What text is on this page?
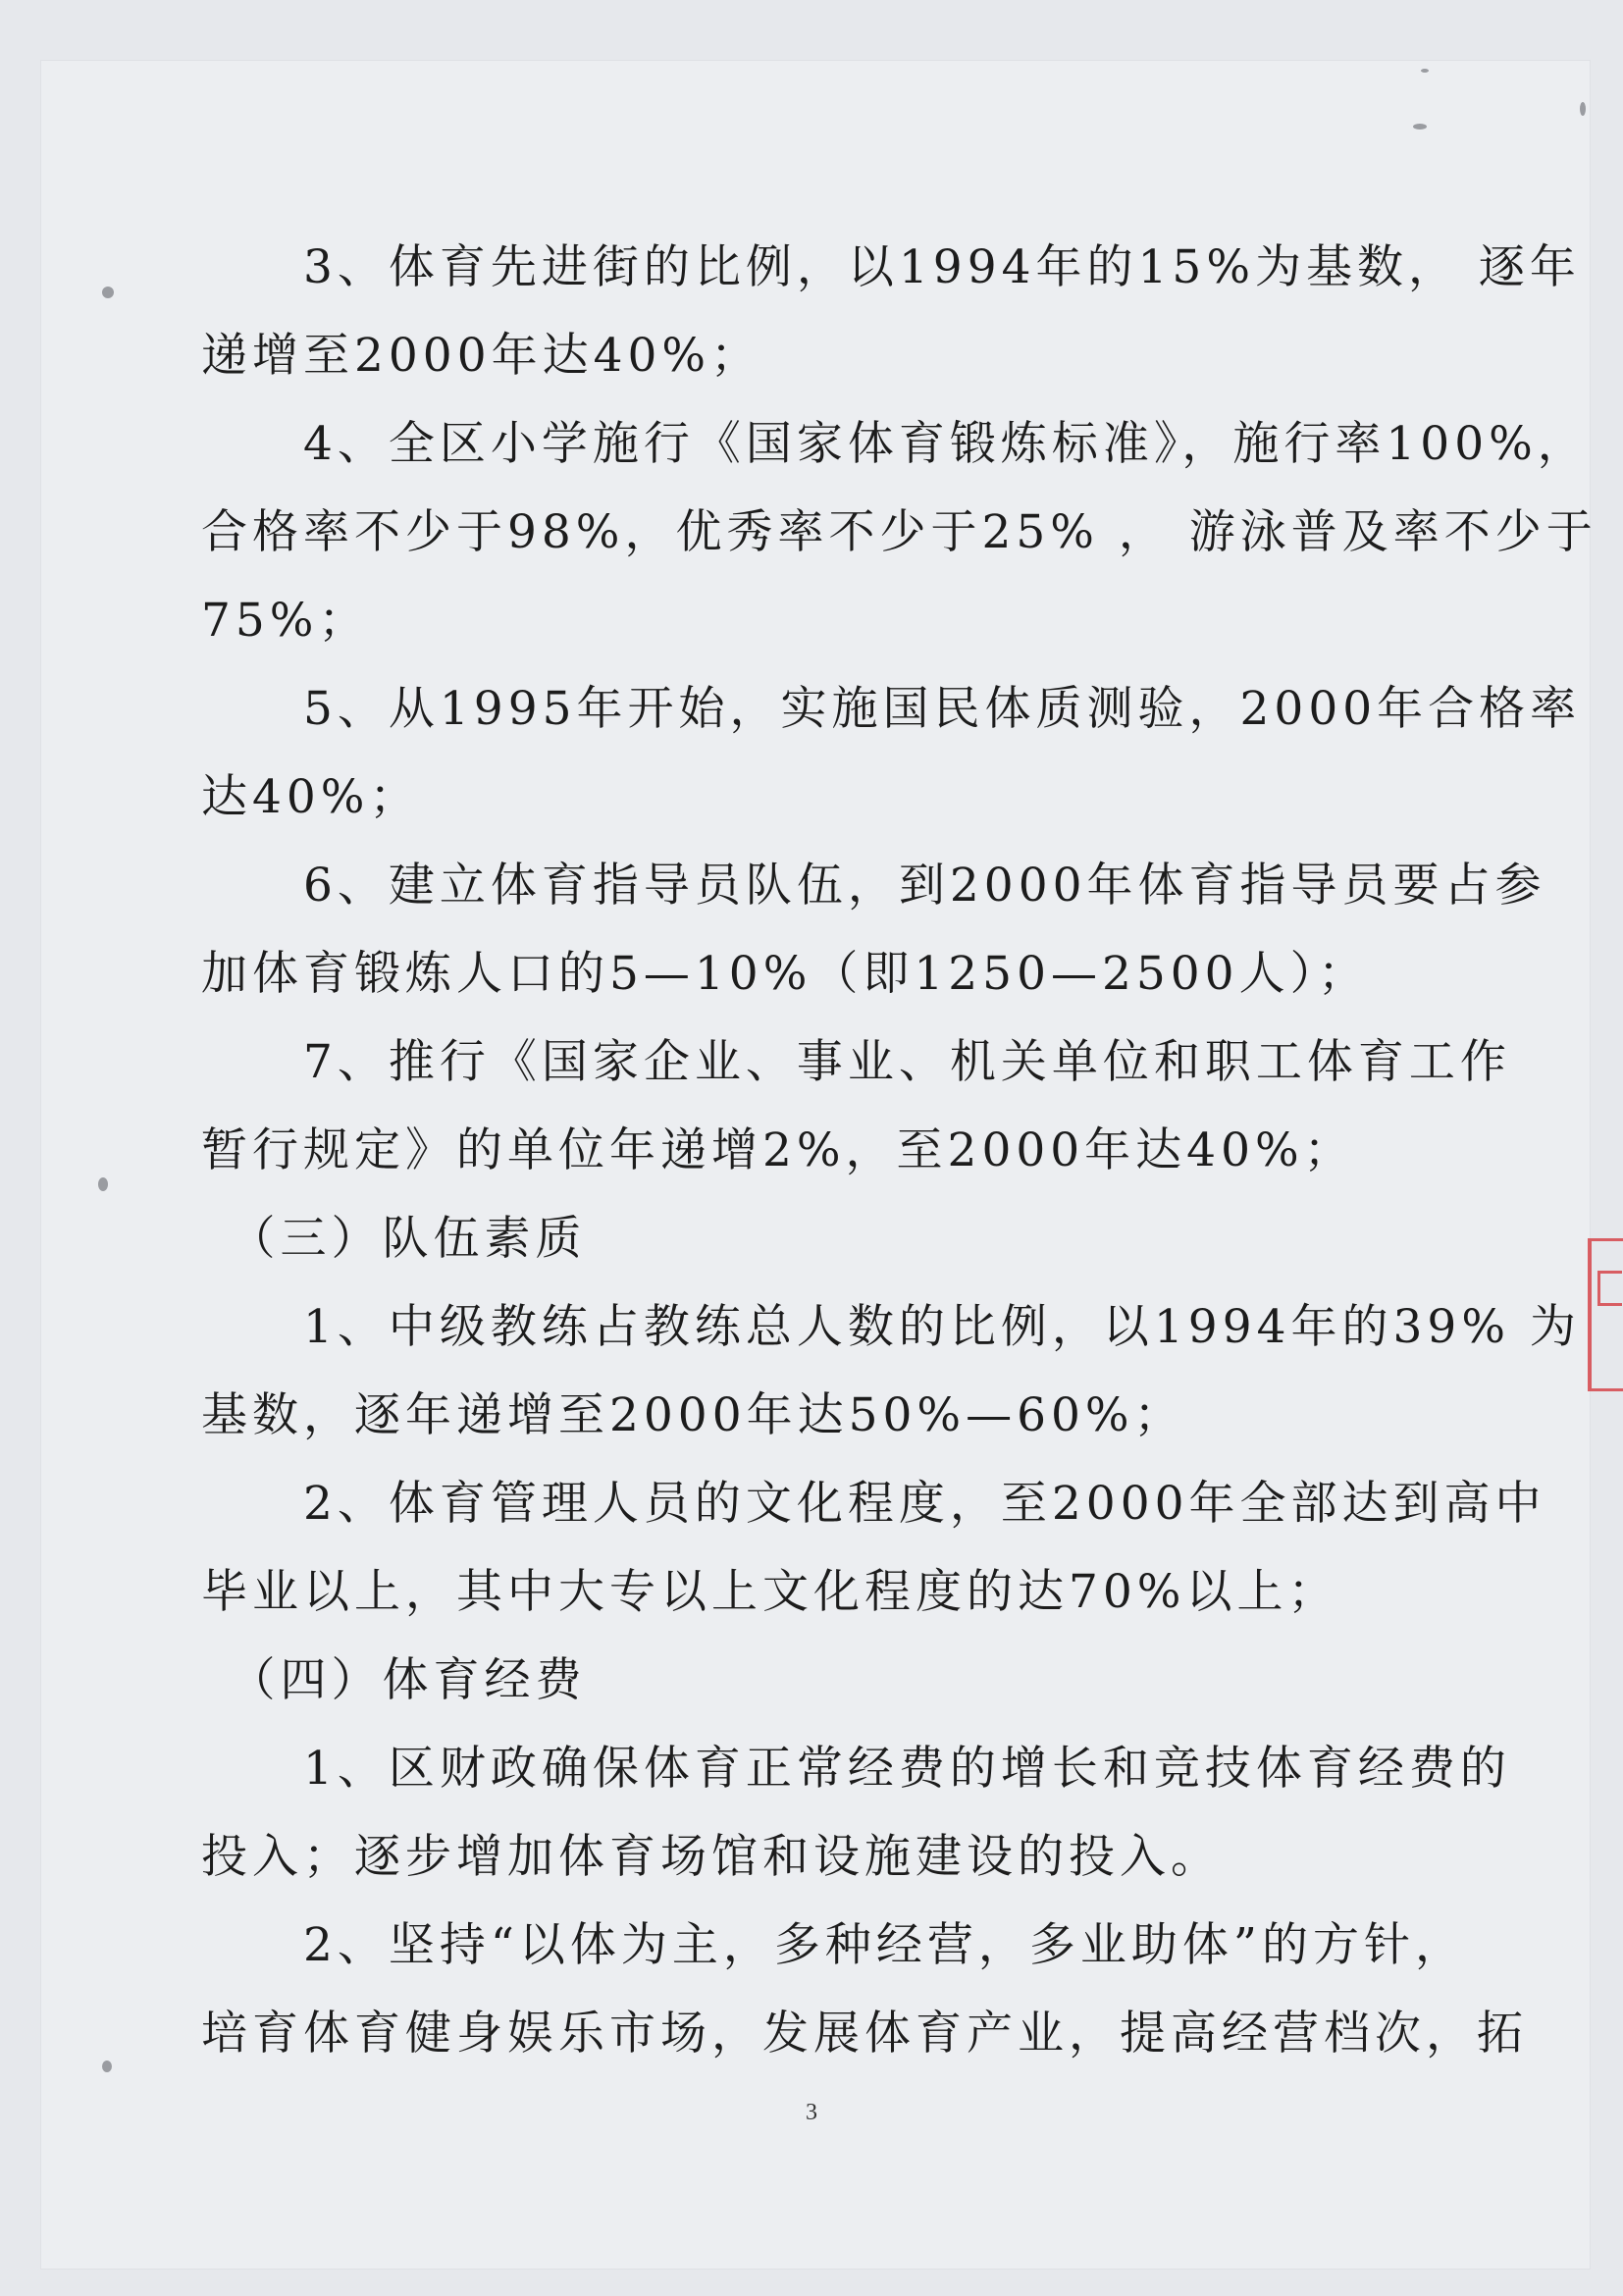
　　3、体育先进街的比例，以1994年的15%为基数， 逐年
递增至2000年达40%；
　　4、全区小学施行《国家体育锻炼标准》，施行率100%，
合格率不少于98%，优秀率不少于25% ， 游泳普及率不少于
75%；
　　5、从1995年开始，实施国民体质测验，2000年合格率
达40%；
　　6、建立体育指导员队伍，到2000年体育指导员要占参
加体育锻炼人口的5—10%（即1250—2500人）；
　　7、推行《国家企业、事业、机关单位和职工体育工作
暂行规定》的单位年递增2%，至2000年达40%；
　（三）队伍素质
　　1、中级教练占教练总人数的比例，以1994年的39% 为
基数，逐年递增至2000年达50%—60%；
　　2、体育管理人员的文化程度，至2000年全部达到高中
毕业以上，其中大专以上文化程度的达70%以上；
　（四）体育经费
　　1、区财政确保体育正常经费的增长和竞技体育经费的
投入；逐步增加体育场馆和设施建设的投入。
　　2、坚持“以体为主，多种经营，多业助体”的方针，
培育体育健身娱乐市场，发展体育产业，提高经营档次，拓
3
